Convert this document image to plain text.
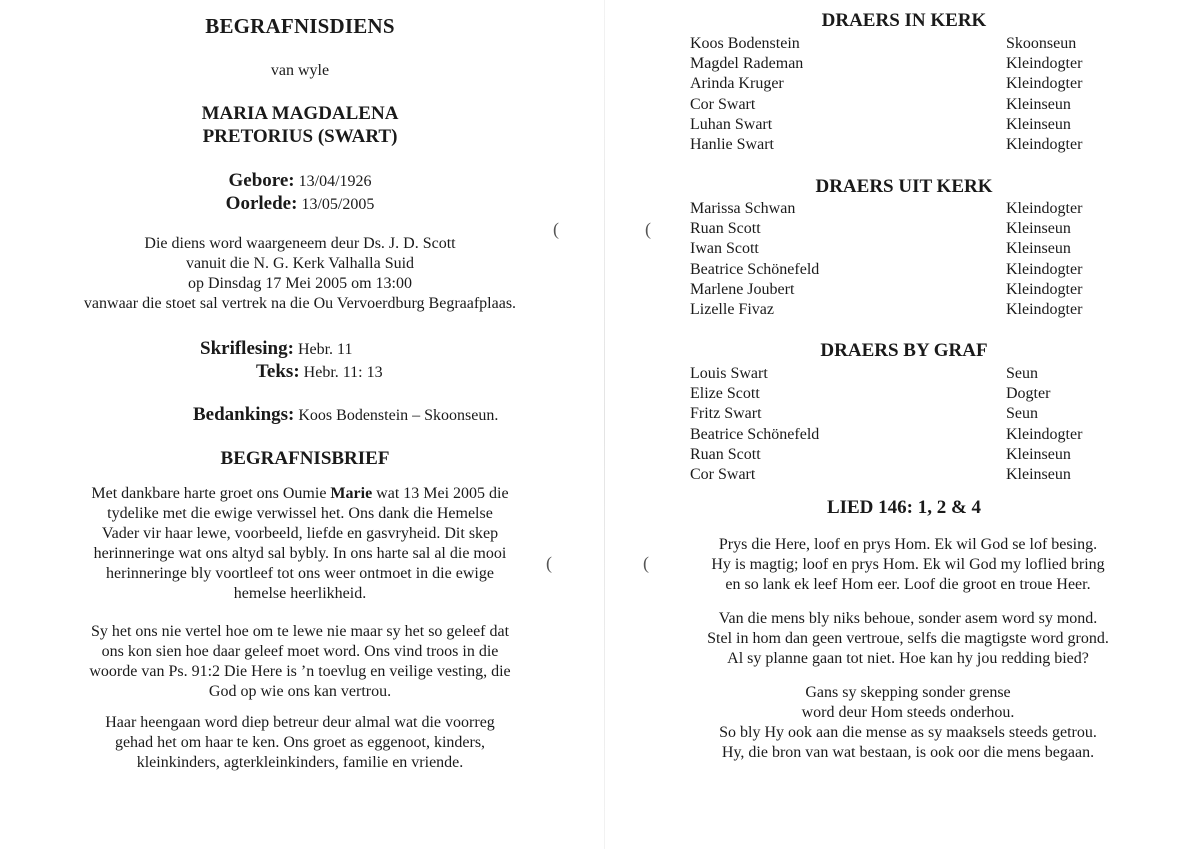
BEGRAFNISDIENS
van wyle
MARIA MAGDALENA
PRETORIUS (SWART)
Gebore: 13/04/1926
Oorlede: 13/05/2005

Die diens word waargeneem deur Ds. J. D. Scott

vanuit die N. G. Kerk Valhalla Suid

op Dinsdag 17 Mei 2005 om 13:00

vanwaar die stoet sal vertrek na die Ou Vervoerdburg Begraafplaas.

Skriflesing: Hebr. 11
Teks: Hebr. 11: 13
Bedankings: Koos Bodenstein – Skoonseun.
BEGRAFNISBRIEF

Met dankbare harte groet ons Oumie Marie wat 13 Mei 2005 die

tydelike met die ewige verwissel het. Ons dank die Hemelse

Vader vir haar lewe, voorbeeld, liefde en gasvryheid. Dit skep

herinneringe wat ons altyd sal bybly. In ons harte sal al die mooi

herinneringe bly voortleef tot ons weer ontmoet in die ewige

hemelse heerlikheid.

Sy het ons nie vertel hoe om te lewe nie maar sy het so geleef dat

ons kon sien hoe daar geleef moet word. Ons vind troos in die

woorde van Ps. 91:2 Die Here is ’n toevlug en veilige vesting, die

God op wie ons kan vertrou.

Haar heengaan word diep betreur deur almal wat die voorreg

gehad het om haar te ken. Ons groet as eggenoot, kinders,

kleinkinders, agterkleinkinders, familie en vriende.

(
(
(
(
DRAERS IN KERK
Koos Bodenstein	Skoonseun
Magdel Rademan	Kleindogter
Arinda Kruger	Kleindogter
Cor Swart	Kleinseun
Luhan Swart	Kleinseun
Hanlie Swart	Kleindogter
DRAERS UIT KERK
Marissa Schwan	Kleindogter
Ruan Scott	Kleinseun
Iwan Scott	Kleinseun
Beatrice Schönefeld	Kleindogter
Marlene Joubert	Kleindogter
Lizelle Fivaz	Kleindogter
DRAERS BY GRAF
Louis Swart	Seun
Elize Scott	Dogter
Fritz Swart	Seun
Beatrice Schönefeld	Kleindogter
Ruan Scott	Kleinseun
Cor Swart	Kleinseun
LIED 146: 1, 2 & 4

Prys die Here, loof en prys Hom. Ek wil God se lof besing.

Hy is magtig; loof en prys Hom. Ek wil God my loflied bring

en so lank ek leef Hom eer. Loof die groot en troue Heer.

Van die mens bly niks behoue, sonder asem word sy mond.

Stel in hom dan geen vertroue, selfs die magtigste word grond.

Al sy planne gaan tot niet. Hoe kan hy jou redding bied?

Gans sy skepping sonder grense

word deur Hom steeds onderhou.

So bly Hy ook aan die mense as sy maaksels steeds getrou.

Hy, die bron van wat bestaan, is ook oor die mens begaan.
